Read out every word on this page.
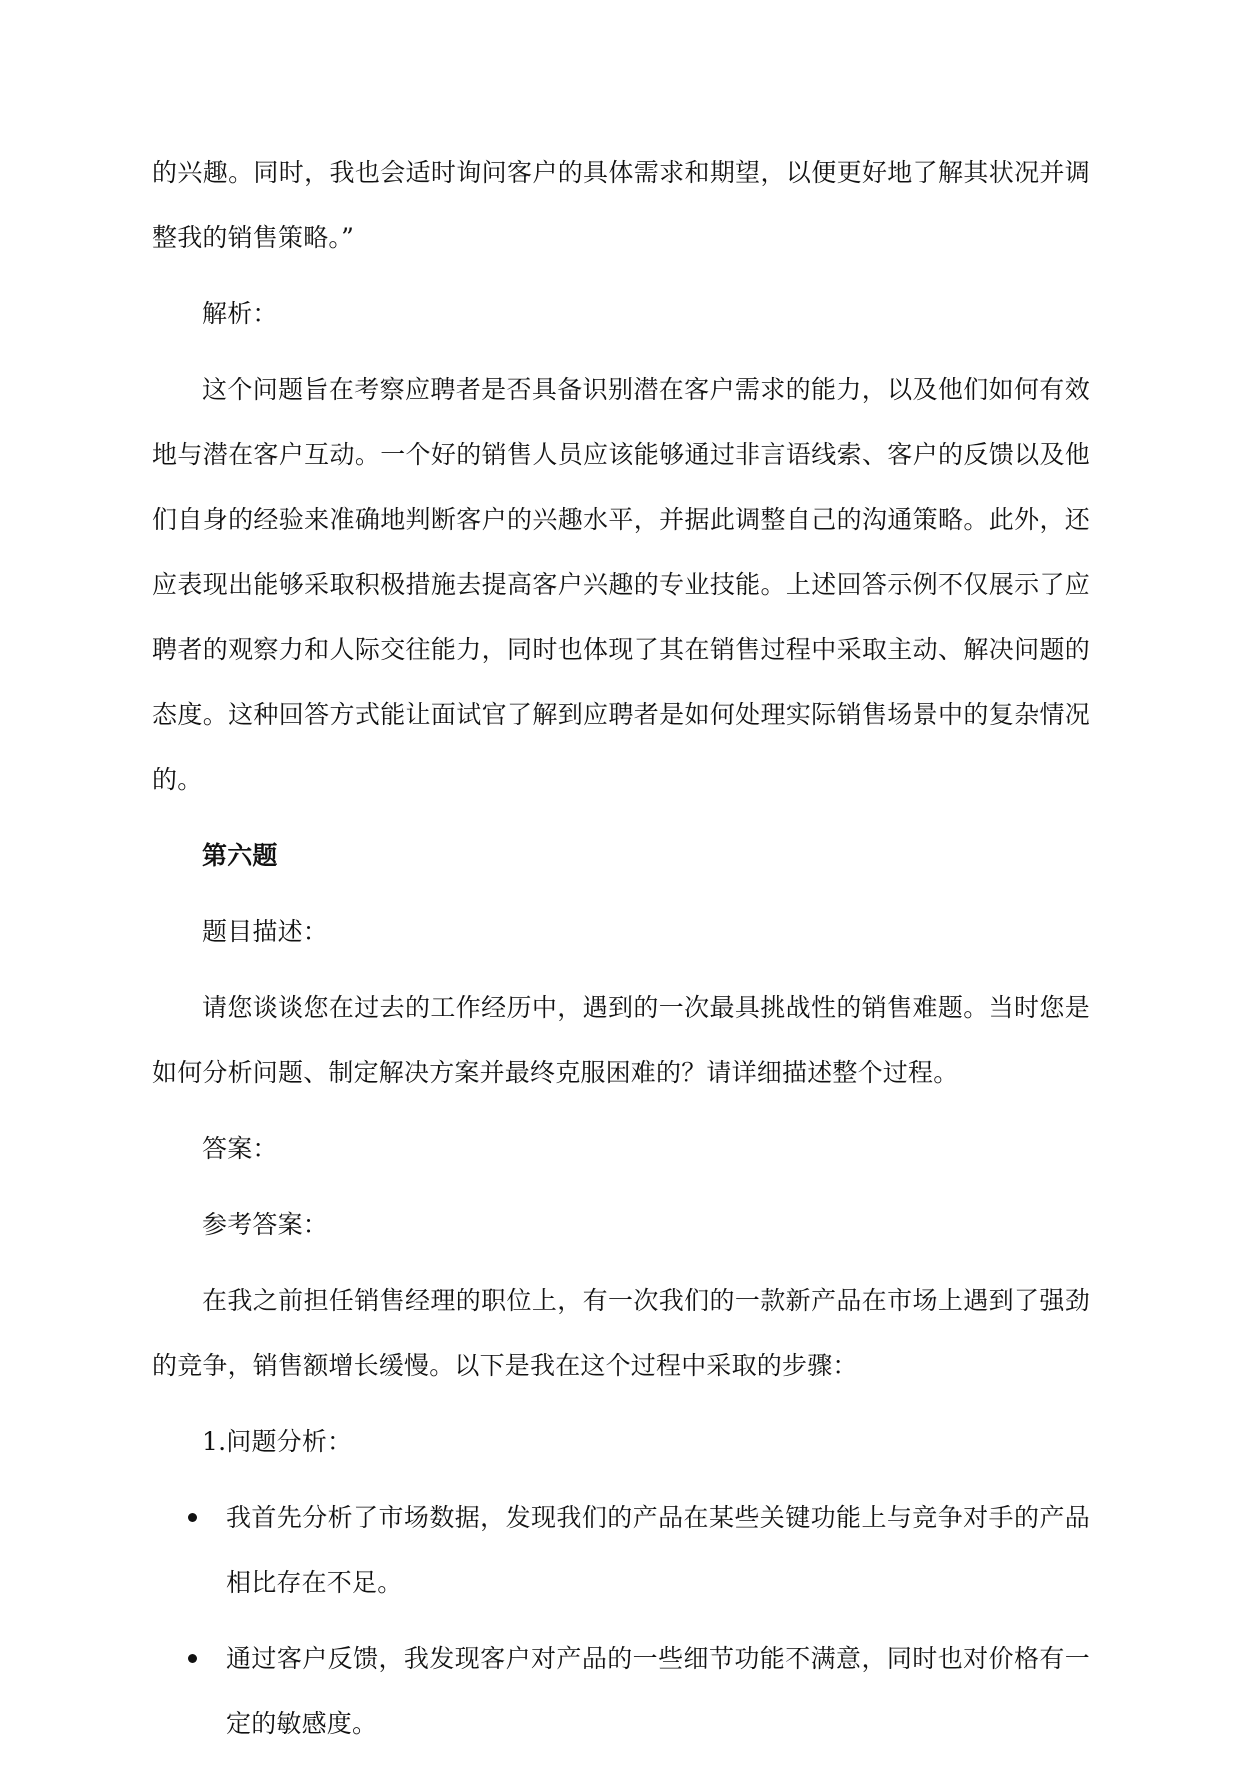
的兴趣。同时，我也会适时询问客户的具体需求和期望，以便更好地了解其状况并调整我的销售策略。”

解析：

这个问题旨在考察应聘者是否具备识别潜在客户需求的能力，以及他们如何有效地与潜在客户互动。一个好的销售人员应该能够通过非言语线索、客户的反馈以及他们自身的经验来准确地判断客户的兴趣水平，并据此调整自己的沟通策略。此外，还应表现出能够采取积极措施去提高客户兴趣的专业技能。上述回答示例不仅展示了应聘者的观察力和人际交往能力，同时也体现了其在销售过程中采取主动、解决问题的态度。这种回答方式能让面试官了解到应聘者是如何处理实际销售场景中的复杂情况的。

第六题

题目描述：

请您谈谈您在过去的工作经历中，遇到的一次最具挑战性的销售难题。当时您是如何分析问题、制定解决方案并最终克服困难的？请详细描述整个过程。

答案：

参考答案：

在我之前担任销售经理的职位上，有一次我们的一款新产品在市场上遇到了强劲的竞争，销售额增长缓慢。以下是我在这个过程中采取的步骤：

1.问题分析：

我首先分析了市场数据，发现我们的产品在某些关键功能上与竞争对手的产品相比存在不足。
通过客户反馈，我发现客户对产品的一些细节功能不满意，同时也对价格有一定的敏感度。
